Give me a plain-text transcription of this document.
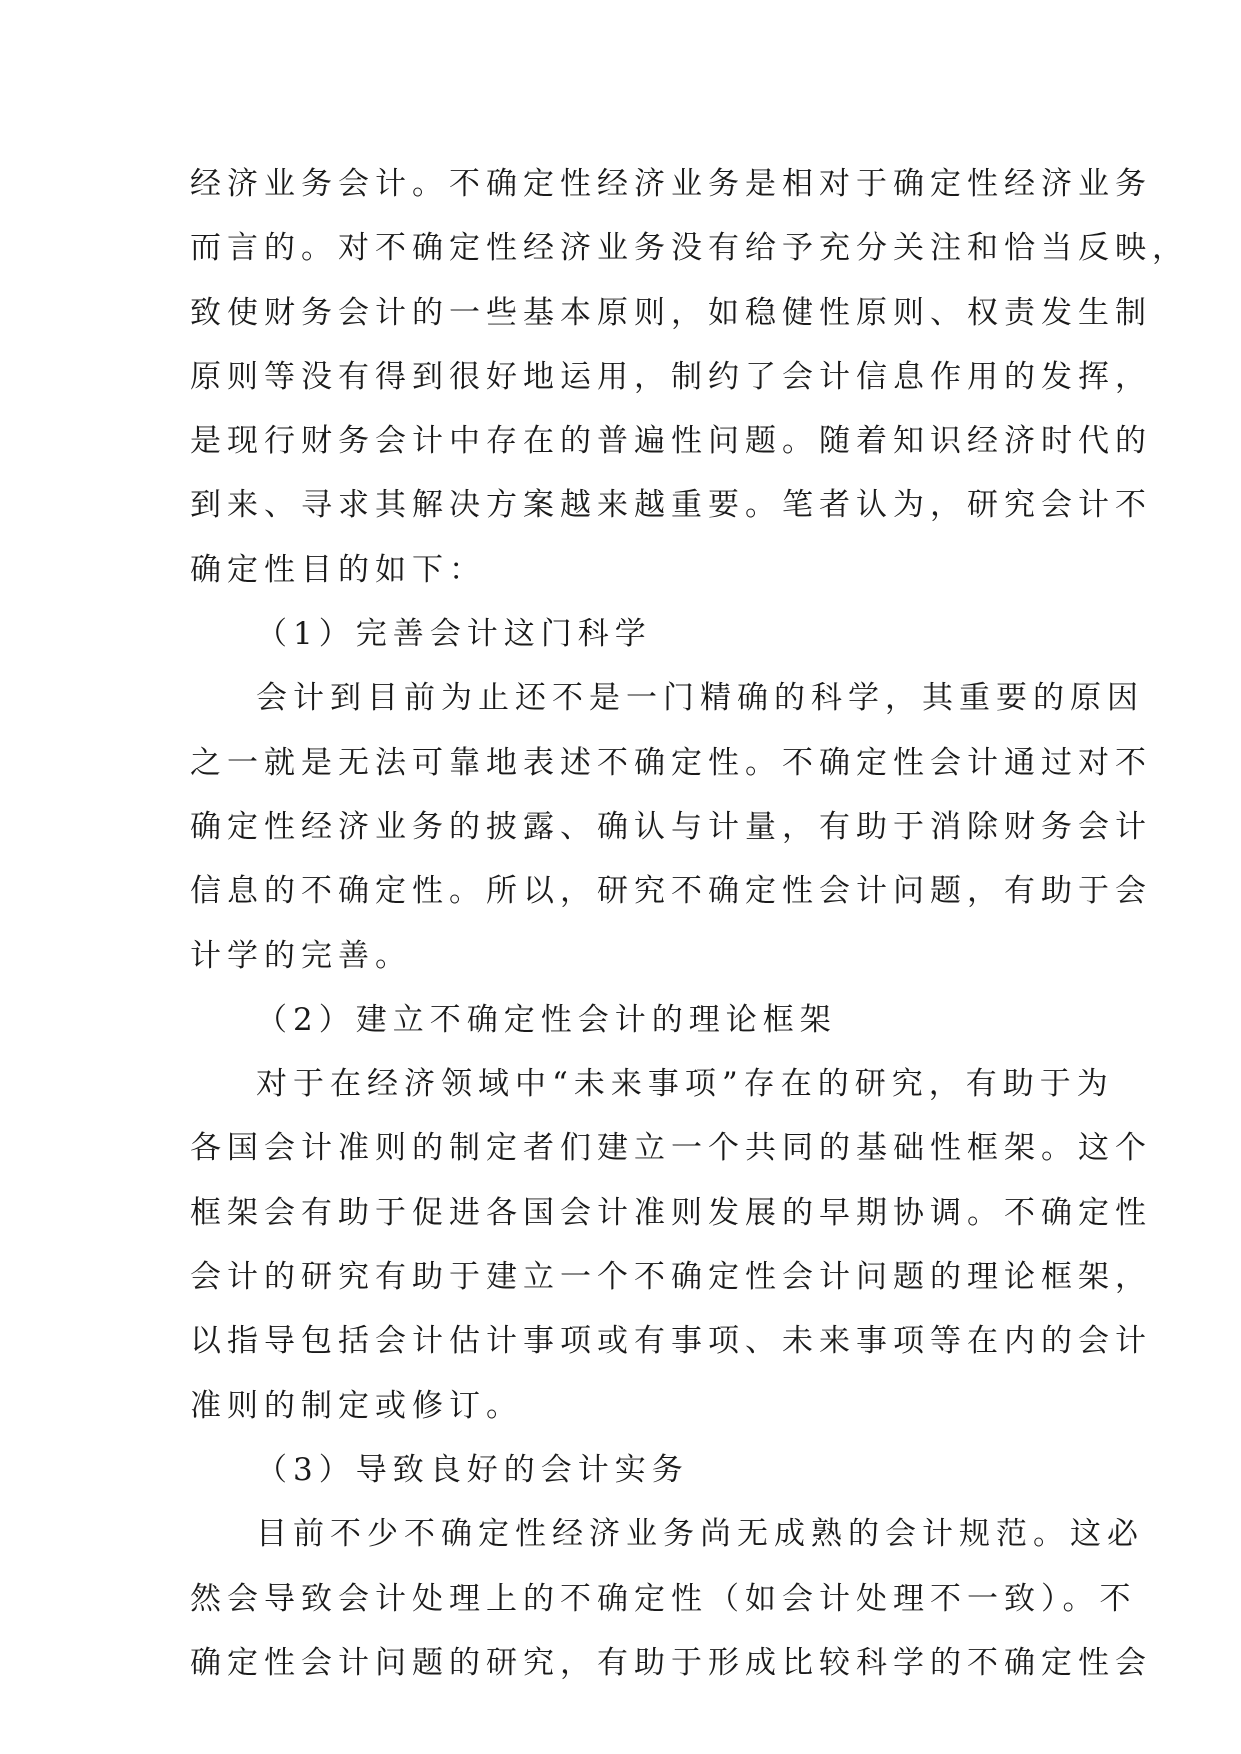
经济业务会计。不确定性经济业务是相对于确定性经济业务
而言的。对不确定性经济业务没有给予充分关注和恰当反映，
致使财务会计的一些基本原则，如稳健性原则、权责发生制
原则等没有得到很好地运用，制约了会计信息作用的发挥，
是现行财务会计中存在的普遍性问题。随着知识经济时代的
到来、寻求其解决方案越来越重要。笔者认为，研究会计不
确定性目的如下：
（1）完善会计这门科学
会计到目前为止还不是一门精确的科学，其重要的原因
之一就是无法可靠地表述不确定性。不确定性会计通过对不
确定性经济业务的披露、确认与计量，有助于消除财务会计
信息的不确定性。所以，研究不确定性会计问题，有助于会
计学的完善。
（2）建立不确定性会计的理论框架
对于在经济领域中“未来事项”存在的研究，有助于为
各国会计准则的制定者们建立一个共同的基础性框架。这个
框架会有助于促进各国会计准则发展的早期协调。不确定性
会计的研究有助于建立一个不确定性会计问题的理论框架，
以指导包括会计估计事项或有事项、未来事项等在内的会计
准则的制定或修订。
（3）导致良好的会计实务
目前不少不确定性经济业务尚无成熟的会计规范。这必
然会导致会计处理上的不确定性（如会计处理不一致）。不
确定性会计问题的研究，有助于形成比较科学的不确定性会
